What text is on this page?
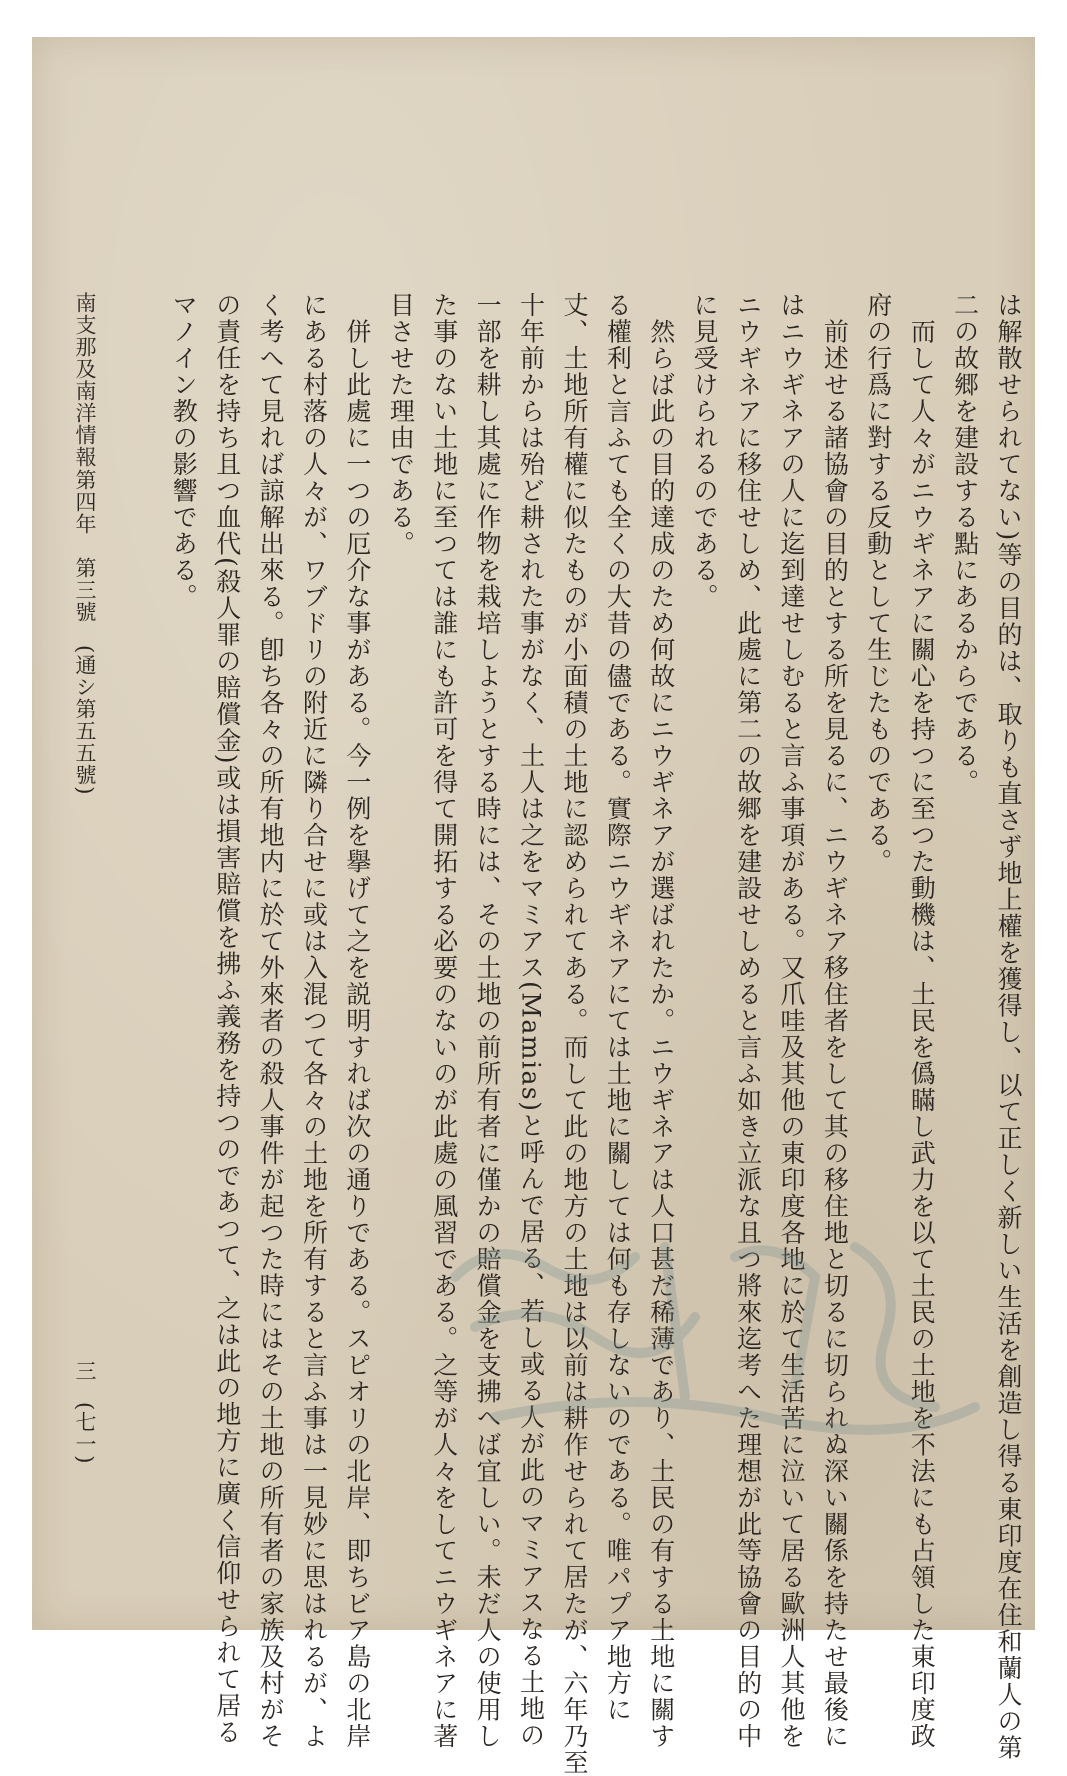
は解散せられてない)等の目的は、取りも直さず地上權を獲得し、以て正しく新しい生活を創造し得る東印度在住和蘭人の第

二の故郷を建設する點にあるからである。

　而して人々がニウギネアに關心を持つに至つた動機は、土民を僞瞞し武力を以て土民の土地を不法にも占領した東印度政

府の行爲に對する反動として生じたものである。

　前述せる諸協會の目的とする所を見るに、ニウギネア移住者をして其の移住地と切るに切られぬ深い關係を持たせ最後に

はニウギネアの人に迄到達せしむると言ふ事項がある。又爪哇及其他の東印度各地に於て生活苦に泣いて居る歐洲人其他を

ニウギネアに移住せしめ、此處に第二の故郷を建設せしめると言ふ如き立派な且つ將來迄考へた理想が此等協會の目的の中

に見受けられるのである。

　然らば此の目的達成のため何故にニウギネアが選ばれたか。ニウギネアは人口甚だ稀薄であり、土民の有する土地に關す

る權利と言ふても全くの大昔の儘である。實際ニウギネアにては土地に關しては何も存しないのである。唯パプア地方に

丈、土地所有權に似たものが小面積の土地に認められてある。而して此の地方の土地は以前は耕作せられて居たが、六年乃至

十年前からは殆ど耕された事がなく、土人は之をマミアス(Mamias)と呼んで居る、若し或る人が此のマミアスなる土地の

一部を耕し其處に作物を栽培しようとする時には、その土地の前所有者に僅かの賠償金を支拂へば宜しい。未だ人の使用し

た事のない土地に至つては誰にも許可を得て開拓する必要のないのが此處の風習である。之等が人々をしてニウギネアに著

目させた理由である。

　併し此處に一つの厄介な事がある。今一例を擧げて之を説明すれば次の通りである。スピオリの北岸、即ちビア島の北岸

にある村落の人々が、ワブドリの附近に隣り合せに或は入混つて各々の土地を所有すると言ふ事は一見妙に思はれるが、よ

く考へて見れば諒解出來る。卽ち各々の所有地内に於て外來者の殺人事件が起つた時にはその土地の所有者の家族及村がそ

の責任を持ち且つ血代(殺人罪の賠償金)或は損害賠償を拂ふ義務を持つのであつて、之は此の地方に廣く信仰せられて居る

マノイン教の影響である。

南支那及南洋情報
第四年　第三號　(通シ第五五號)
三
(七一)
